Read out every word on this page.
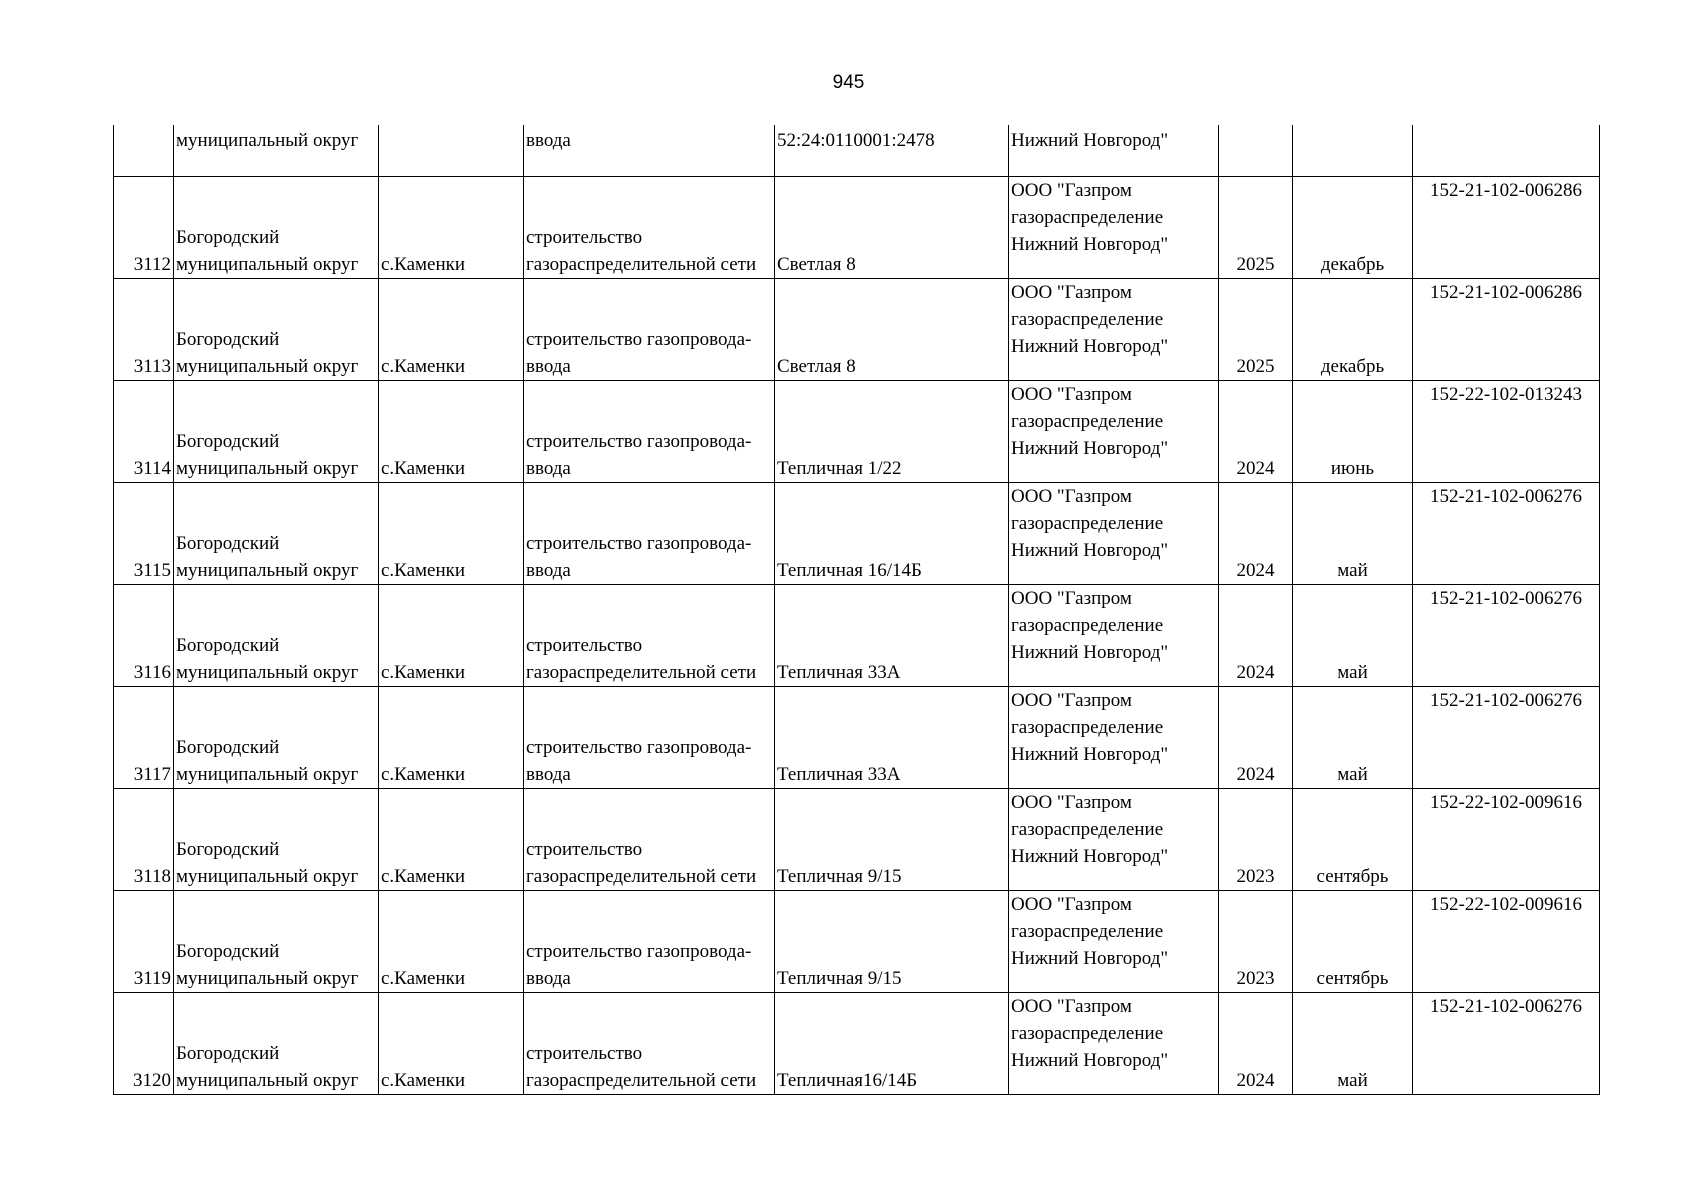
945
	муниципальный округ		ввода	52:24:0110001:2478	Нижний Новгород"			
3112	Богородский
муниципальный округ	с.Каменки	строительство
газораспределительной сети	Светлая 8	ООО "Газпром
газораспределение
Нижний Новгород"	2025	декабрь	152-21-102-006286
3113	Богородский
муниципальный округ	с.Каменки	строительство газопровода-
ввода	Светлая 8	ООО "Газпром
газораспределение
Нижний Новгород"	2025	декабрь	152-21-102-006286
3114	Богородский
муниципальный округ	с.Каменки	строительство газопровода-
ввода	Тепличная 1/22	ООО "Газпром
газораспределение
Нижний Новгород"	2024	июнь	152-22-102-013243
3115	Богородский
муниципальный округ	с.Каменки	строительство газопровода-
ввода	Тепличная 16/14Б	ООО "Газпром
газораспределение
Нижний Новгород"	2024	май	152-21-102-006276
3116	Богородский
муниципальный округ	с.Каменки	строительство
газораспределительной сети	Тепличная 33А	ООО "Газпром
газораспределение
Нижний Новгород"	2024	май	152-21-102-006276
3117	Богородский
муниципальный округ	с.Каменки	строительство газопровода-
ввода	Тепличная 33А	ООО "Газпром
газораспределение
Нижний Новгород"	2024	май	152-21-102-006276
3118	Богородский
муниципальный округ	с.Каменки	строительство
газораспределительной сети	Тепличная 9/15	ООО "Газпром
газораспределение
Нижний Новгород"	2023	сентябрь	152-22-102-009616
3119	Богородский
муниципальный округ	с.Каменки	строительство газопровода-
ввода	Тепличная 9/15	ООО "Газпром
газораспределение
Нижний Новгород"	2023	сентябрь	152-22-102-009616
3120	Богородский
муниципальный округ	с.Каменки	строительство
газораспределительной сети	Тепличная16/14Б	ООО "Газпром
газораспределение
Нижний Новгород"	2024	май	152-21-102-006276
